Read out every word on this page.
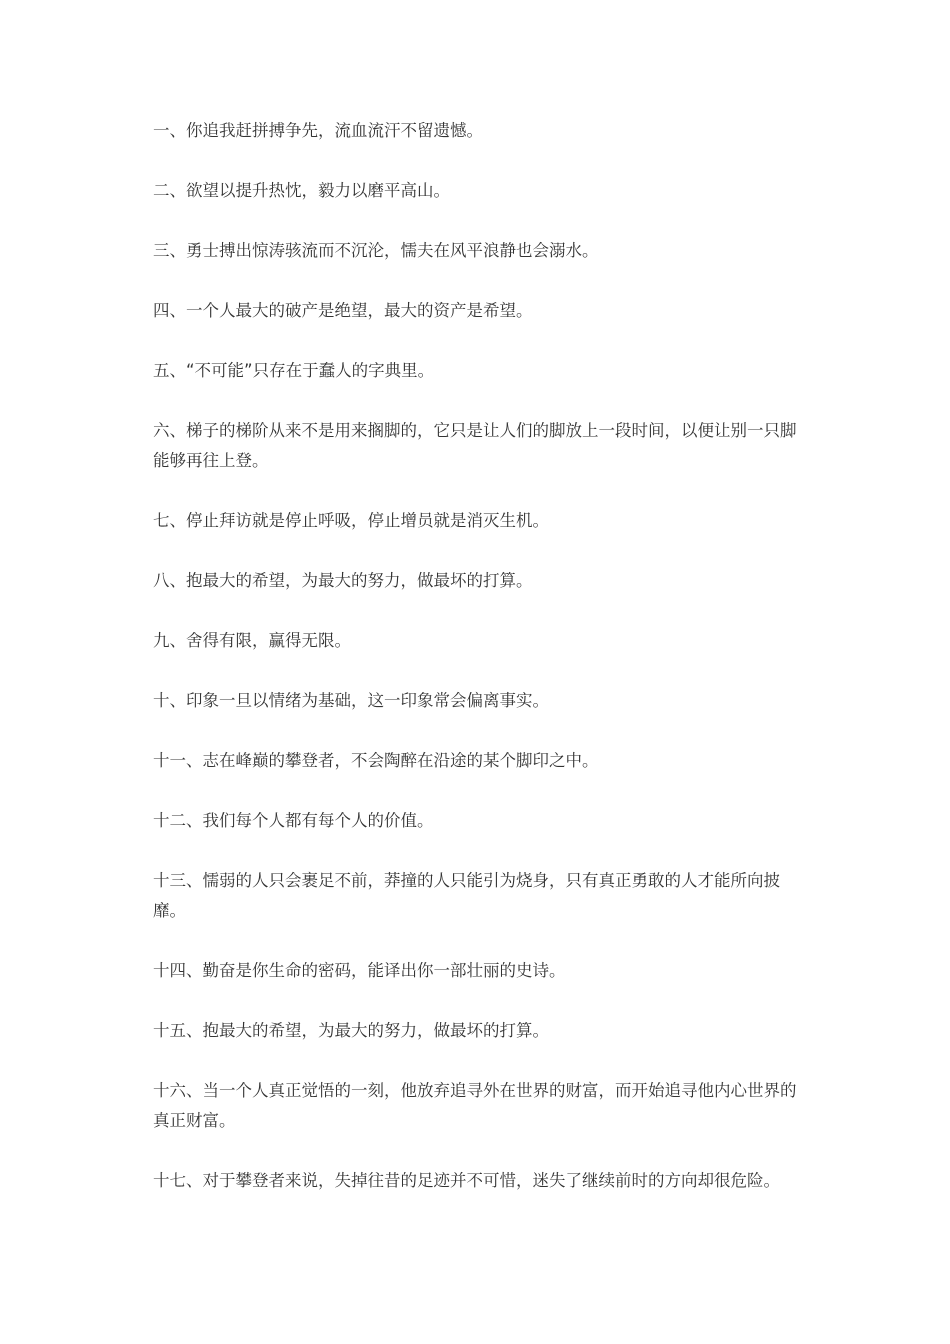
一、你追我赶拼搏争先，流血流汗不留遗憾。
二、欲望以提升热忱，毅力以磨平高山。
三、勇士搏出惊涛骇流而不沉沦，懦夫在风平浪静也会溺水。
四、一个人最大的破产是绝望，最大的资产是希望。
五、“不可能”只存在于蠢人的字典里。
六、梯子的梯阶从来不是用来搁脚的，它只是让人们的脚放上一段时间，以便让别一只脚能够再往上登。
七、停止拜访就是停止呼吸，停止增员就是消灭生机。
八、抱最大的希望，为最大的努力，做最坏的打算。
九、舍得有限，赢得无限。
十、印象一旦以情绪为基础，这一印象常会偏离事实。
十一、志在峰巅的攀登者，不会陶醉在沿途的某个脚印之中。
十二、我们每个人都有每个人的价值。
十三、懦弱的人只会裹足不前，莽撞的人只能引为烧身，只有真正勇敢的人才能所向披靡。
十四、勤奋是你生命的密码，能译出你一部壮丽的史诗。
十五、抱最大的希望，为最大的努力，做最坏的打算。
十六、当一个人真正觉悟的一刻，他放弃追寻外在世界的财富，而开始追寻他内心世界的真正财富。
十七、对于攀登者来说，失掉往昔的足迹并不可惜，迷失了继续前时的方向却很危险。
